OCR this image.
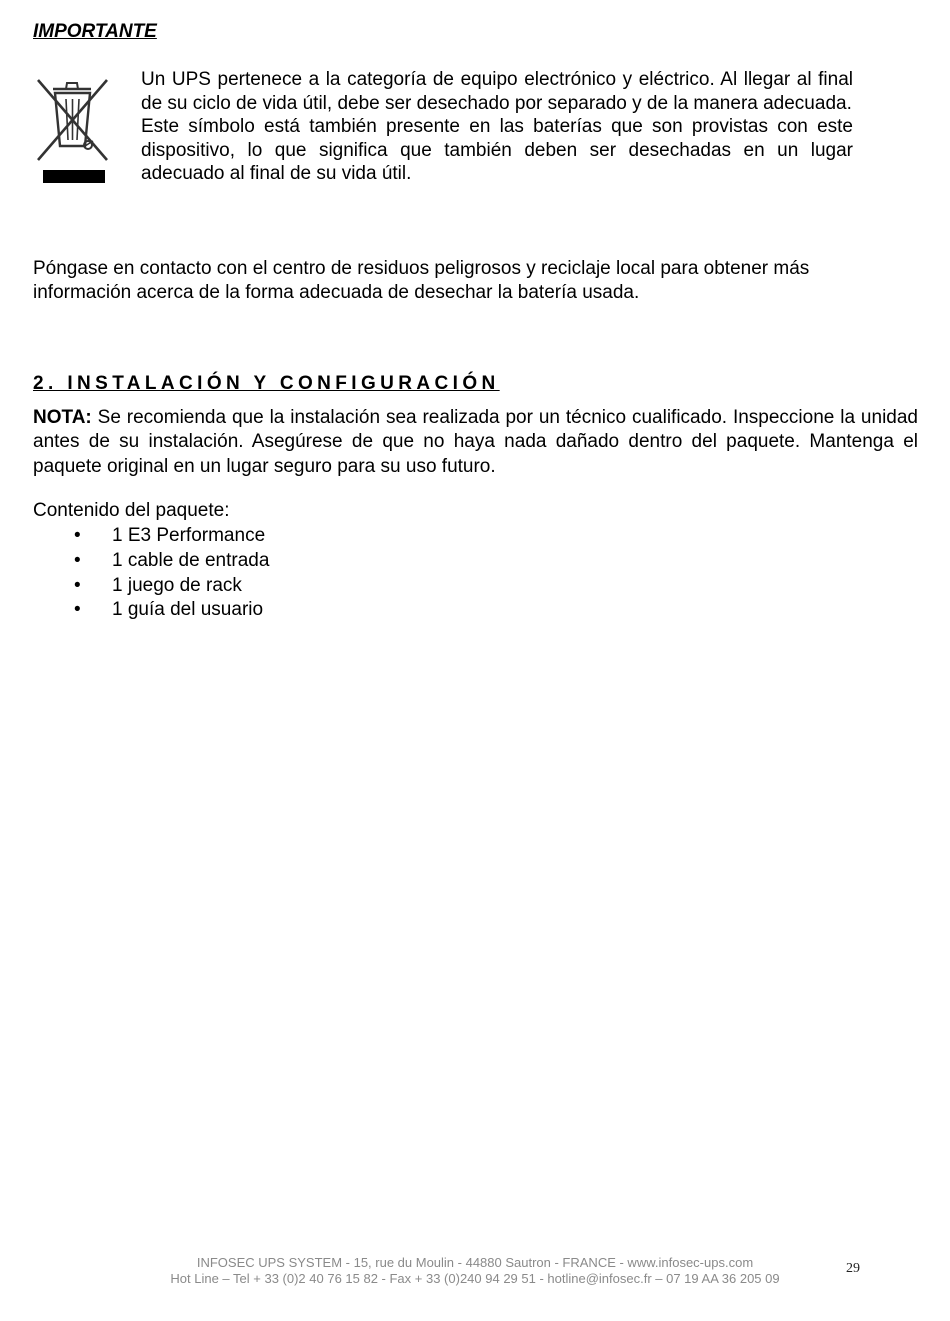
IMPORTANTE

Un UPS pertenece a la categoría de equipo electrónico y eléctrico. Al llegar al final de su ciclo de vida útil, debe ser desechado por separado y de la manera adecuada.

Este símbolo está también presente en las baterías que son provistas con este dispositivo, lo que significa que también deben ser desechadas en un lugar adecuado al final de su vida útil.

Póngase en contacto con el centro de residuos peligrosos y reciclaje local para obtener más información acerca de la forma adecuada de desechar la batería usada.

2. INSTALACIÓN Y CONFIGURACIÓN

NOTA: Se recomienda que la instalación sea realizada por un técnico cualificado. Inspeccione la unidad antes de su instalación. Asegúrese de que no haya nada dañado dentro del paquete. Mantenga el paquete original en un lugar seguro para su uso futuro.

Contenido del paquete:
• 1 E3 Performance
• 1 cable de entrada
• 1 juego de rack
• 1 guía del usuario
INFOSEC UPS SYSTEM - 15, rue du Moulin - 44880 Sautron - FRANCE - www.infosec-ups.com
Hot Line – Tel + 33 (0)2 40 76 15 82 - Fax + 33 (0)240 94 29 51 - hotline@infosec.fr – 07 19 AA 36 205 09
29
